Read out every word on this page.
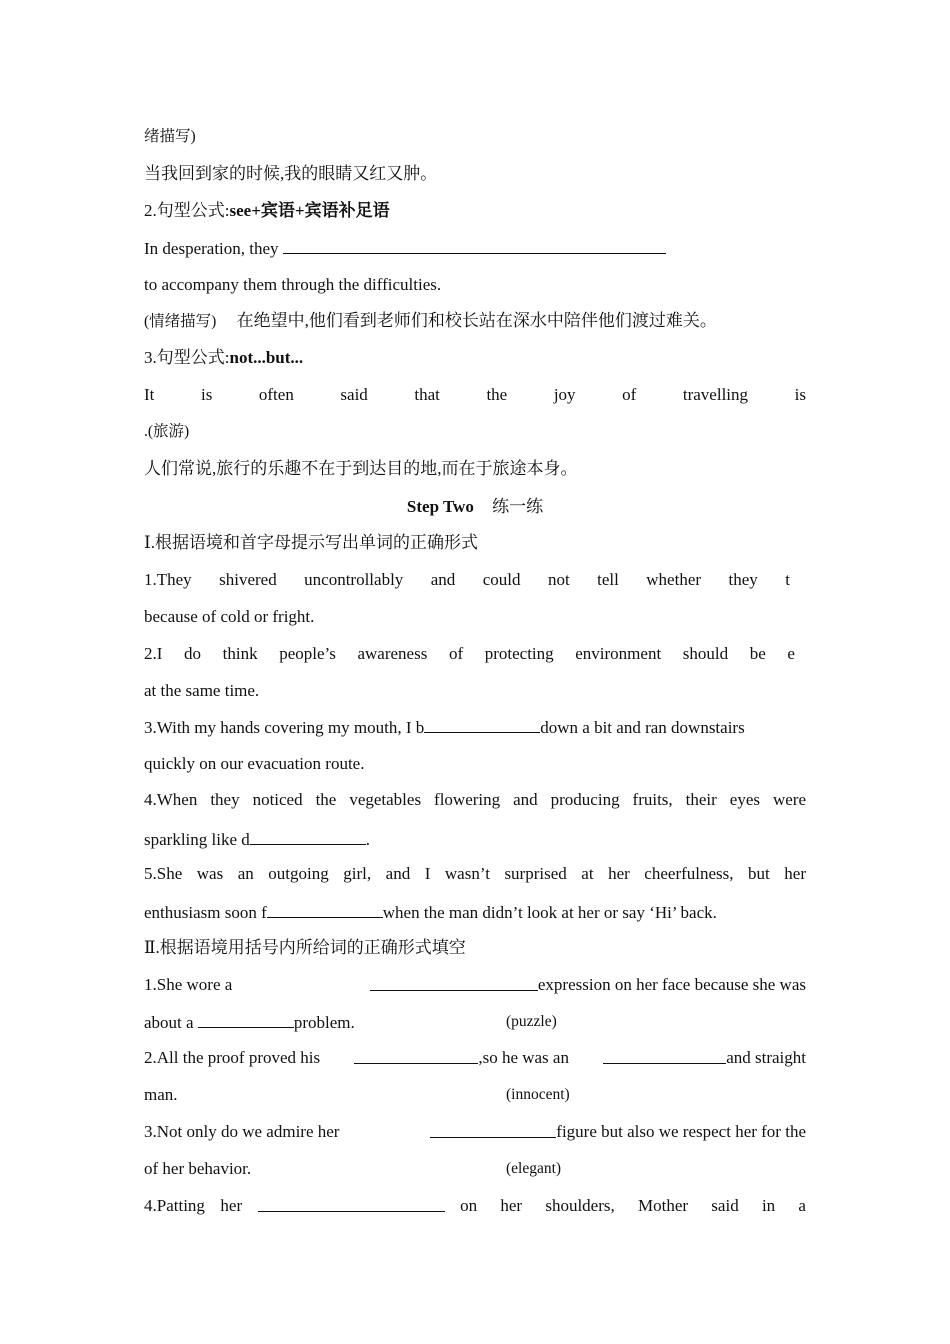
绪描写)
当我回到家的时候,我的眼睛又红又肿。
2.句型公式:see+宾语+宾语补足语
In desperation, they
to accompany them through the difficulties.
(情绪描写) 在绝望中,他们看到老师们和校长站在深水中陪伴他们渡过难关。
3.句型公式:not...but...
It	is	often	said	that	the	joy	of	travelling	is
.(旅游)
人们常说,旅行的乐趣不在于到达目的地,而在于旅途本身。
Step Two 练一练
Ⅰ.根据语境和首字母提示写出单词的正确形式
1.They shivered uncontrollably and could not tell whether they t
because of cold or fright.
2.I do think people’s awareness of protecting environment should be e
at the same time.
3.With my hands covering my mouth, I b	down a bit and ran downstairs
quickly on our evacuation route.
4.When they noticed the vegetables flowering and producing fruits, their eyes were
sparkling like d	.
5.She was an outgoing girl, and I wasn’t surprised at her cheerfulness, but her
enthusiasm soon f	when the man didn’t look at her or say ‘Hi’ back.
Ⅱ.根据语境用括号内所给词的正确形式填空
1.She wore a	expression on her face because she was
about a	problem.	(puzzle)
2.All the proof proved his	,so he was an	and straight
man.	(innocent)
3.Not only do we admire her	figure but also we respect her for the
of her behavior.	(elegant)
4.Patting her	on her shoulders, Mother said in a
